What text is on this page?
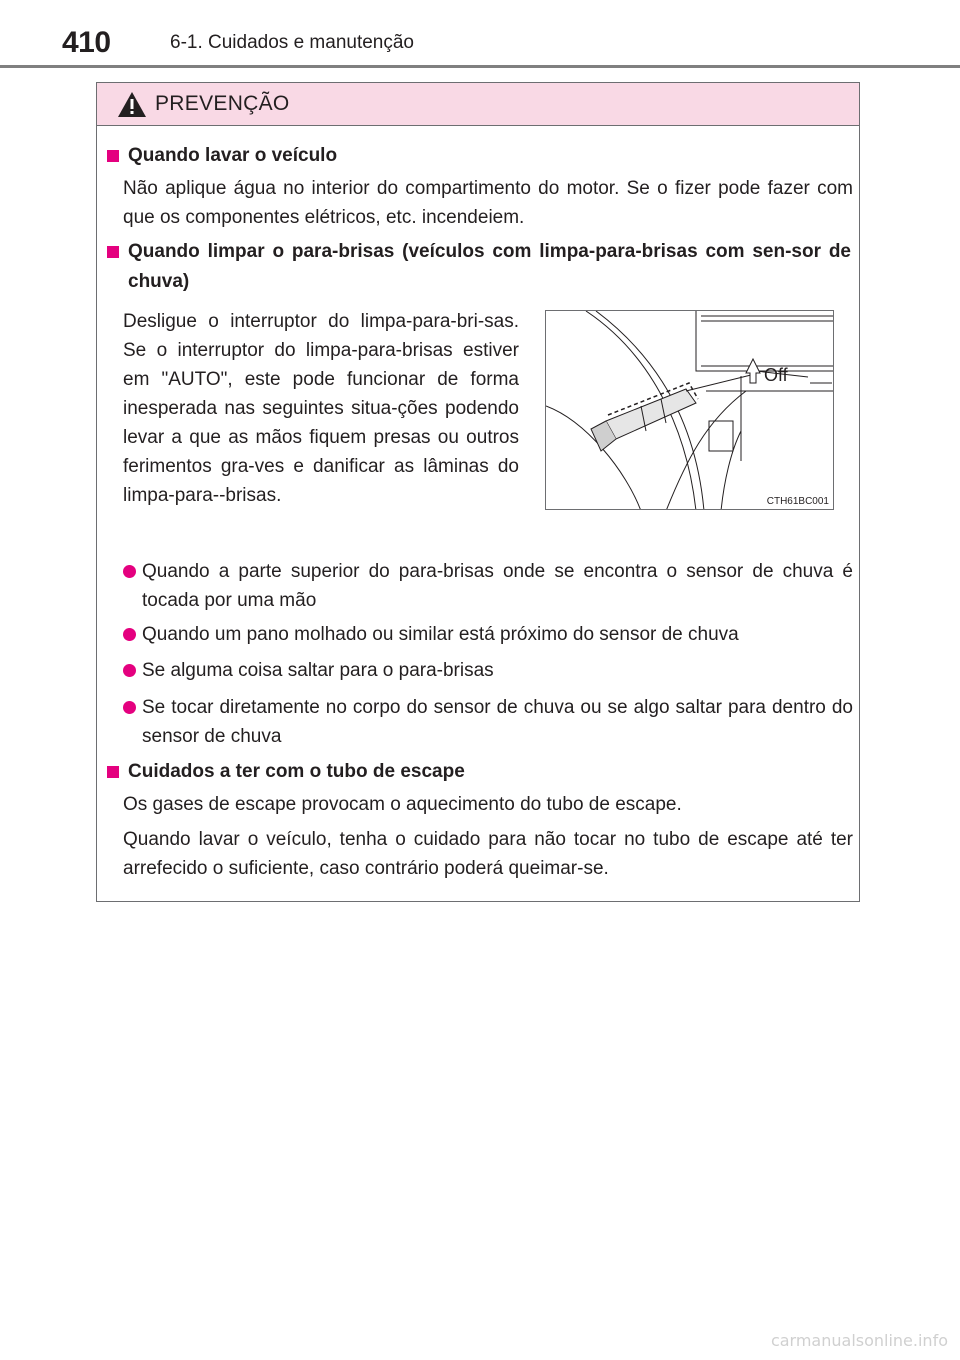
410	6-1. Cuidados e manutenção
PREVENÇÃO
Quando lavar o veículo
Não aplique água no interior do compartimento do motor. Se o fizer pode fazer com que os componentes elétricos, etc. incendeiem.
Quando limpar o para-brisas (veículos com limpa-para-brisas com sen-sor de chuva)
Desligue o interruptor do limpa-para-bri-sas. Se o interruptor do limpa-para-brisas estiver em "AUTO", este pode funcionar de forma inesperada nas seguintes situa-ções podendo levar a que as mãos fiquem presas ou outros ferimentos gra-ves e danificar as lâminas do limpa-para--brisas.
Quando a parte superior do para-brisas onde se encontra o sensor de chuva é tocada por uma mão
Quando um pano molhado ou similar está próximo do sensor de chuva
Se alguma coisa saltar para o para-brisas
Se tocar diretamente no corpo do sensor de chuva ou se algo saltar para dentro do sensor de chuva
Cuidados a ter com o tubo de escape
Os gases de escape provocam o aquecimento do tubo de escape.
Quando lavar o veículo, tenha o cuidado para não tocar no tubo de escape até ter arrefecido o suficiente, caso contrário poderá queimar-se.
Off
CTH61BC001
carmanualsonline.info
